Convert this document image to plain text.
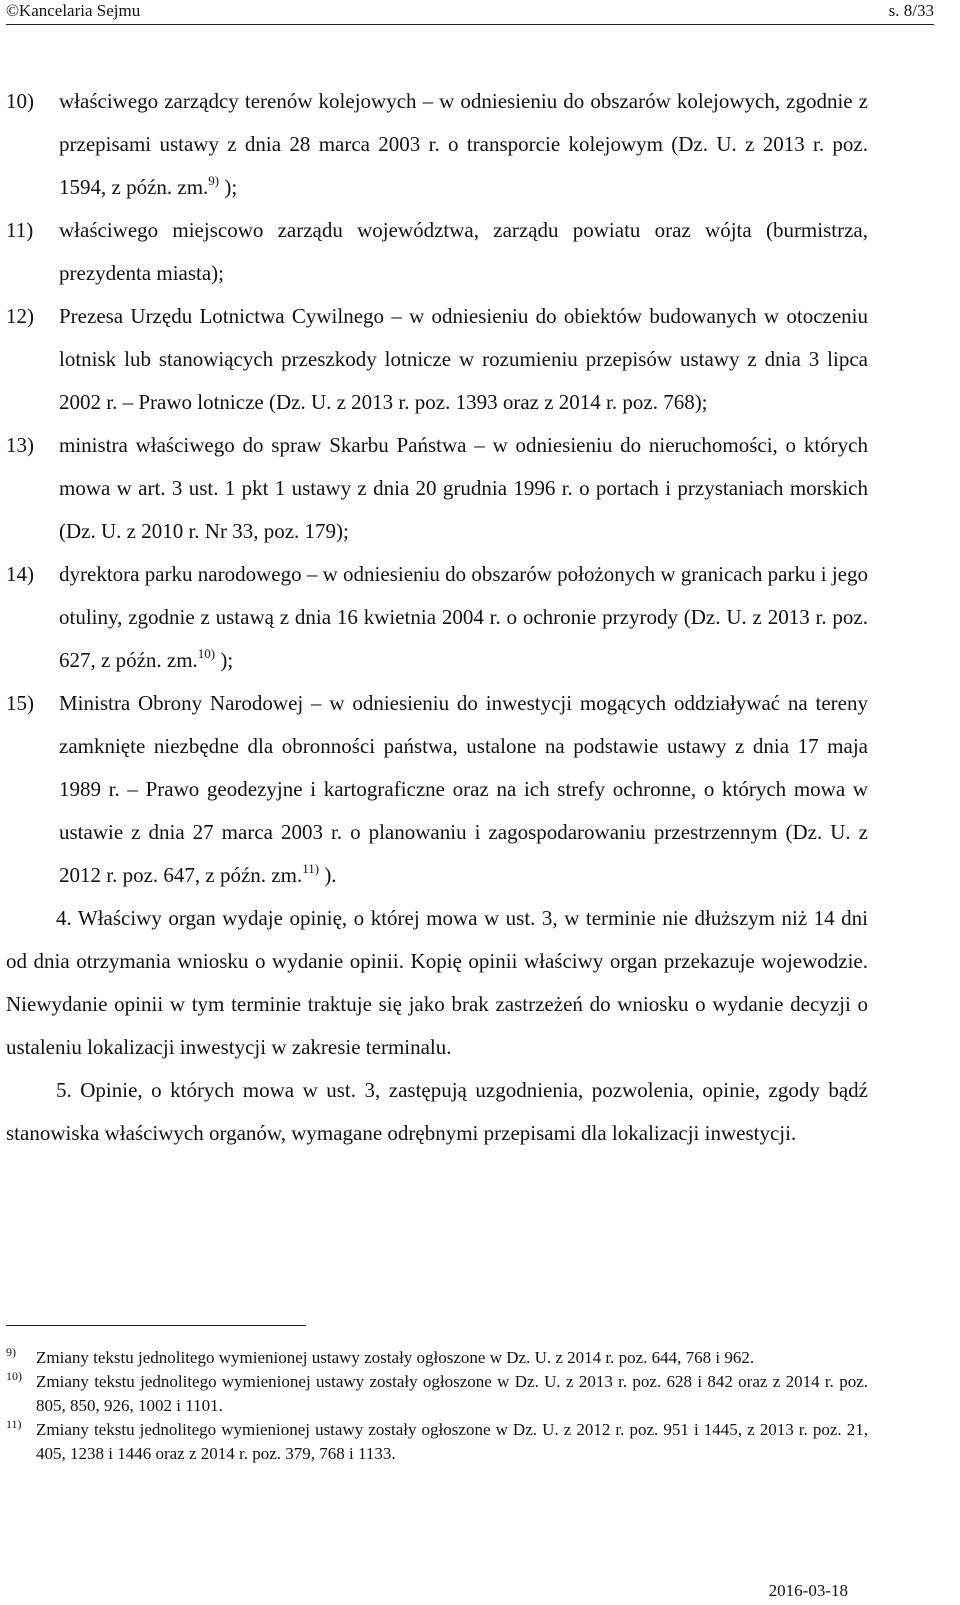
©Kancelaria Sejmu	s. 8/33
10) właściwego zarządcy terenów kolejowych – w odniesieniu do obszarów kolejowych, zgodnie z przepisami ustawy z dnia 28 marca 2003 r. o transporcie kolejowym (Dz. U. z 2013 r. poz. 1594, z późn. zm.$^{9)}$ );
11) właściwego miejscowo zarządu województwa, zarządu powiatu oraz wójta (burmistrza, prezydenta miasta);
12) Prezesa Urzędu Lotnictwa Cywilnego – w odniesieniu do obiektów budowanych w otoczeniu lotnisk lub stanowiących przeszkody lotnicze w rozumieniu przepisów ustawy z dnia 3 lipca 2002 r. – Prawo lotnicze (Dz. U. z 2013 r. poz. 1393 oraz z 2014 r. poz. 768);
13) ministra właściwego do spraw Skarbu Państwa – w odniesieniu do nieruchomości, o których mowa w art. 3 ust. 1 pkt 1 ustawy z dnia 20 grudnia 1996 r. o portach i przystaniach morskich (Dz. U. z 2010 r. Nr 33, poz. 179);
14) dyrektora parku narodowego – w odniesieniu do obszarów położonych w granicach parku i jego otuliny, zgodnie z ustawą z dnia 16 kwietnia 2004 r. o ochronie przyrody (Dz. U. z 2013 r. poz. 627, z późn. zm.$^{10)}$ );
15) Ministra Obrony Narodowej – w odniesieniu do inwestycji mogących oddziaływać na tereny zamknięte niezbędne dla obronności państwa, ustalone na podstawie ustawy z dnia 17 maja 1989 r. – Prawo geodezyjne i kartograficzne oraz na ich strefy ochronne, o których mowa w ustawie z dnia 27 marca 2003 r. o planowaniu i zagospodarowaniu przestrzennym (Dz. U. z 2012 r. poz. 647, z późn. zm.$^{11)}$ ).
4. Właściwy organ wydaje opinię, o której mowa w ust. 3, w terminie nie dłuższym niż 14 dni od dnia otrzymania wniosku o wydanie opinii. Kopię opinii właściwy organ przekazuje wojewodzie. Niewydanie opinii w tym terminie traktuje się jako brak zastrzeżeń do wniosku o wydanie decyzji o ustaleniu lokalizacji inwestycji w zakresie terminalu.
5. Opinie, o których mowa w ust. 3, zastępują uzgodnienia, pozwolenia, opinie, zgody bądź stanowiska właściwych organów, wymagane odrębnymi przepisami dla lokalizacji inwestycji.
9) Zmiany tekstu jednolitego wymienionej ustawy zostały ogłoszone w Dz. U. z 2014 r. poz. 644, 768 i 962.
10) Zmiany tekstu jednolitego wymienionej ustawy zostały ogłoszone w Dz. U. z 2013 r. poz. 628 i 842 oraz z 2014 r. poz. 805, 850, 926, 1002 i 1101.
11) Zmiany tekstu jednolitego wymienionej ustawy zostały ogłoszone w Dz. U. z 2012 r. poz. 951 i 1445, z 2013 r. poz. 21, 405, 1238 i 1446 oraz z 2014 r. poz. 379, 768 i 1133.
2016-03-18
